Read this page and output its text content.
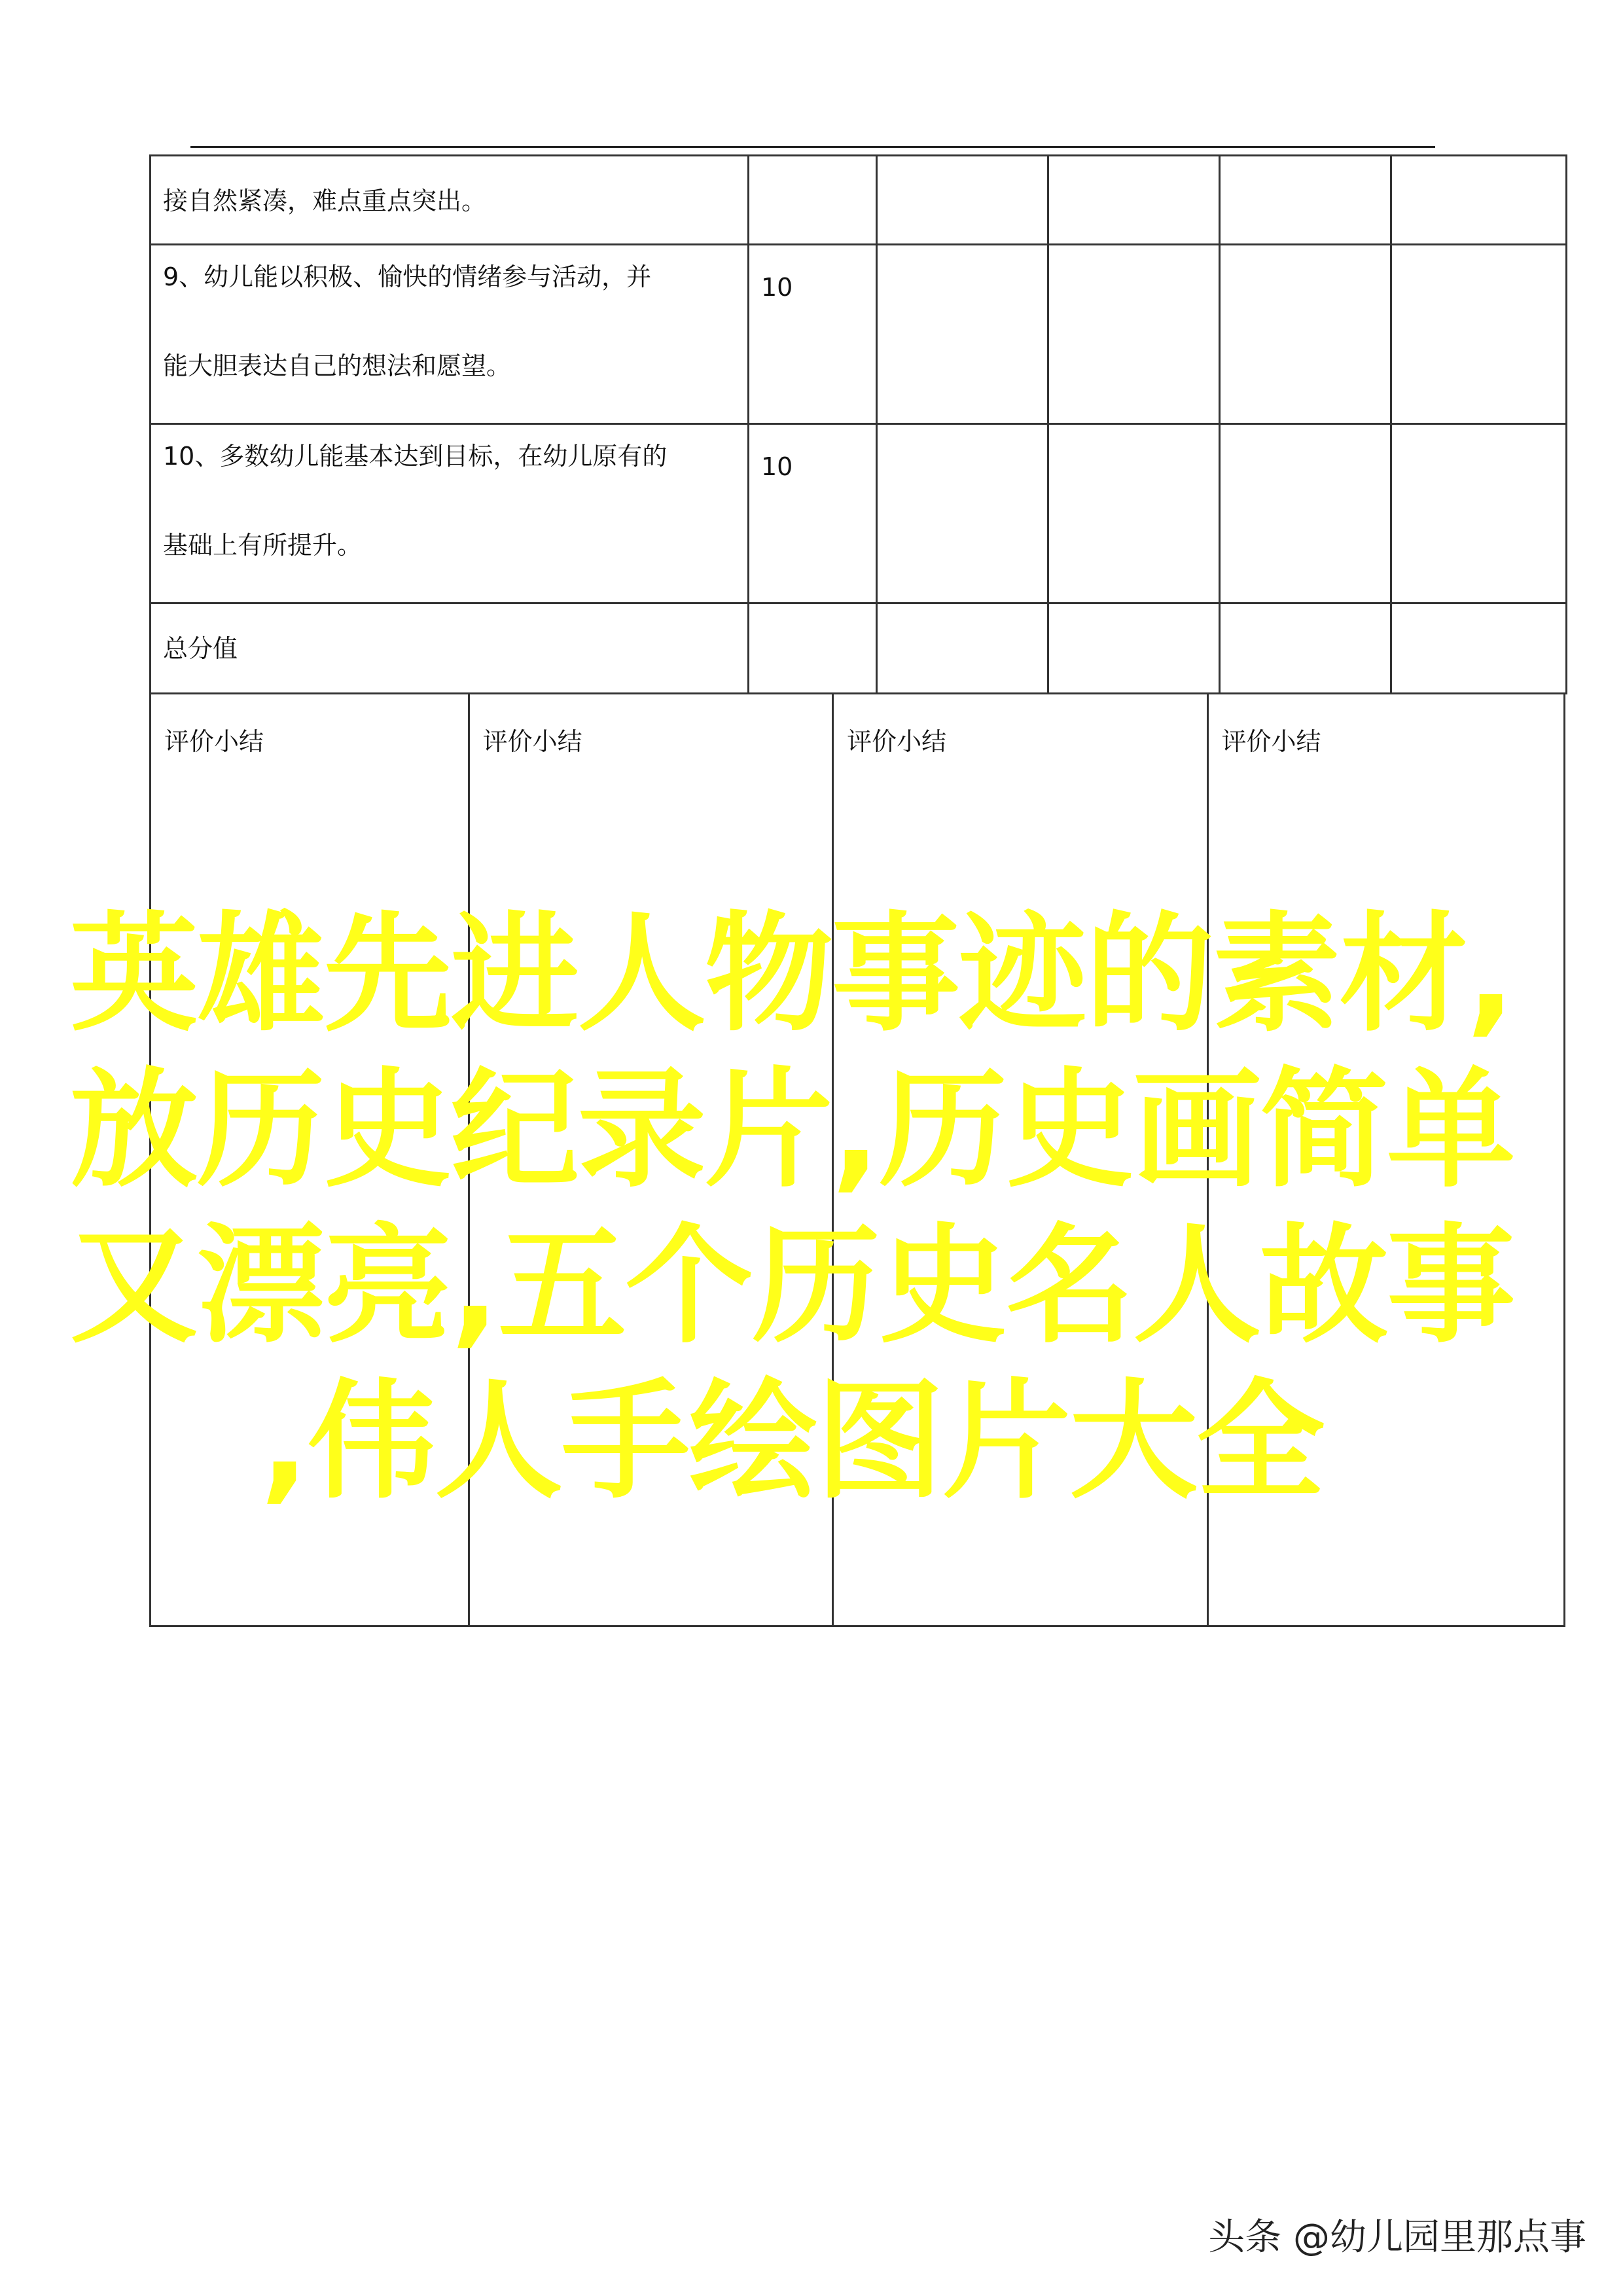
接自然紧凑，难点重点突出。					

9、幼儿能以积极、愉快的情绪参与活动，并
能大胆表达自己的想法和愿望。	10				

10、多数幼儿能基本达到目标，在幼儿原有的
基础上有所提升。	10				

总分值					

评价小结	评价小结	评价小结	评价小结
英雄先进人物事迹的素材,
放历史纪录片,历史画简单
又漂亮,五个历史名人故事
,伟人手绘图片大全
头条 @幼儿园里那点事
